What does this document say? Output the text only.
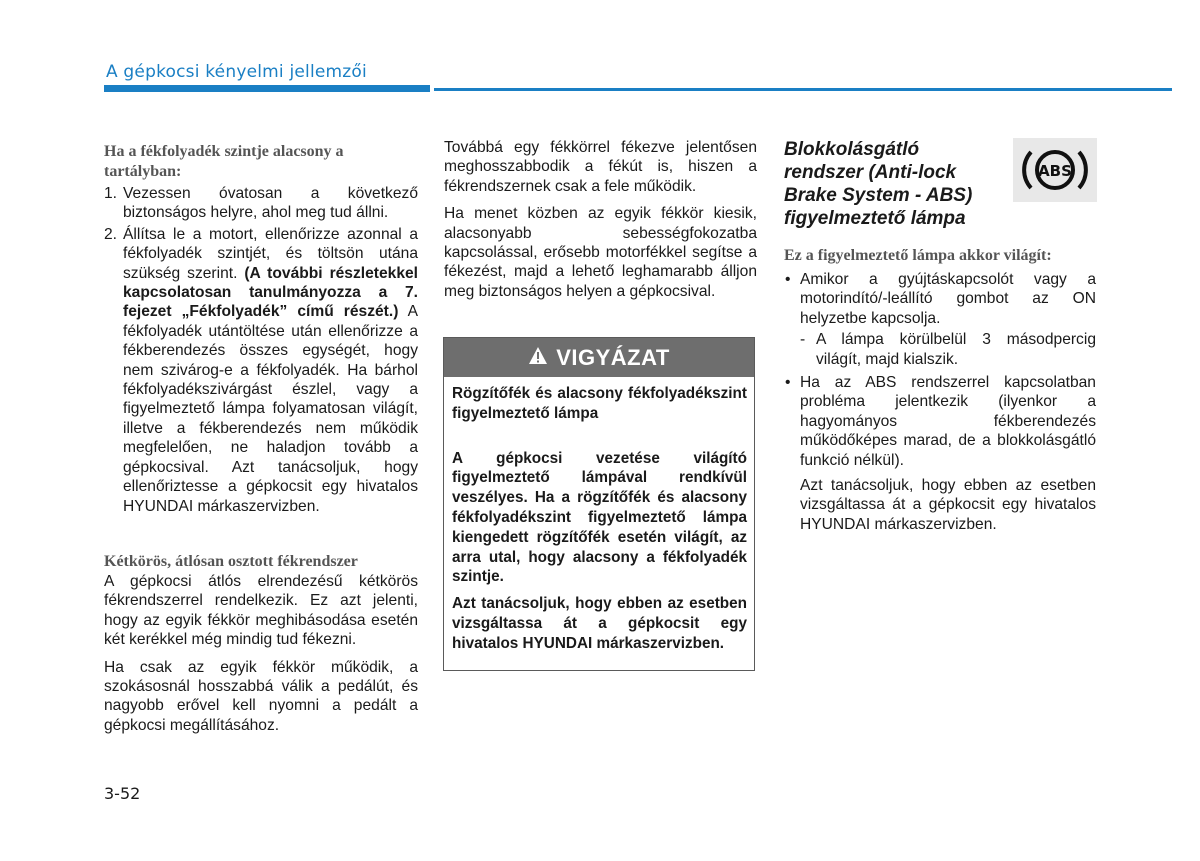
A gépkocsi kényelmi jellemzői
Ha a fékfolyadék szintje alacsony a tartályban:
1. Vezessen óvatosan a következő biztonságos helyre, ahol meg tud állni.
2. Állítsa le a motort, ellenőrizze azonnal a fékfolyadék szintjét, és töltsön utána szükség szerint. (A további részletekkel kapcsolatosan tanulmányozza a 7. fejezet „Fékfolyadék” című részét.) A fékfolyadék utántöltése után ellenőrizze a fékberendezés összes egységét, hogy nem szivárog-e a fékfolyadék. Ha bárhol fékfolyadékszivárgást észlel, vagy a figyelmeztető lámpa folyamatosan világít, illetve a fékberendezés nem működik megfelelően, ne haladjon tovább a gépkocsival. Azt tanácsoljuk, hogy ellenőriztesse a gépkocsit egy hivatalos HYUNDAI márkaszervizben.
Kétkörös, átlósan osztott fékrendszer

A gépkocsi átlós elrendezésű kétkörös fékrendszerrel rendelkezik. Ez azt jelenti, hogy az egyik fékkör meghibásodása esetén két kerékkel még mindig tud fékezni.

Ha csak az egyik fékkör működik, a szokásosnál hosszabbá válik a pedálút, és nagyobb erővel kell nyomni a pedált a gépkocsi megállításához.

Továbbá egy fékkörrel fékezve jelentősen meghosszabbodik a fékút is, hiszen a fékrendszernek csak a fele működik.

Ha menet közben az egyik fékkör kiesik, alacsonyabb sebességfokozatba kapcsolással, erősebb motorfékkel segítse a fékezést, majd a lehető leghamarabb álljon meg biztonságos helyen a gépkocsival.

VIGYÁZAT

Rögzítőfék és alacsony fékfolyadékszint figyelmeztető lámpa

A gépkocsi vezetése világító figyelmeztető lámpával rendkívül veszélyes. Ha a rögzítőfék és alacsony fékfolyadékszint figyelmeztető lámpa kiengedett rögzítőfék esetén világít, az arra utal, hogy alacsony a fékfolyadék szintje.

Azt tanácsoljuk, hogy ebben az esetben vizsgáltassa át a gépkocsit egy hivatalos HYUNDAI márkaszervizben.

ABS
Blokkolásgátló rendszer (Anti-lock Brake System - ABS) figyelmeztető lámpa
Ez a figyelmeztető lámpa akkor világít:
• Amikor a gyújtáskapcsolót vagy a motorindító/-leállító gombot az ON helyzetbe kapcsolja.
- A lámpa körülbelül 3 másodpercig világít, majd kialszik.
• Ha az ABS rendszerrel kapcsolatban probléma jelentkezik (ilyenkor a hagyományos fékberendezés működőképes marad, de a blokkolásgátló funkció nélkül).
Azt tanácsoljuk, hogy ebben az esetben vizsgáltassa át a gépkocsit egy hivatalos HYUNDAI márkaszervizben.
3-52
